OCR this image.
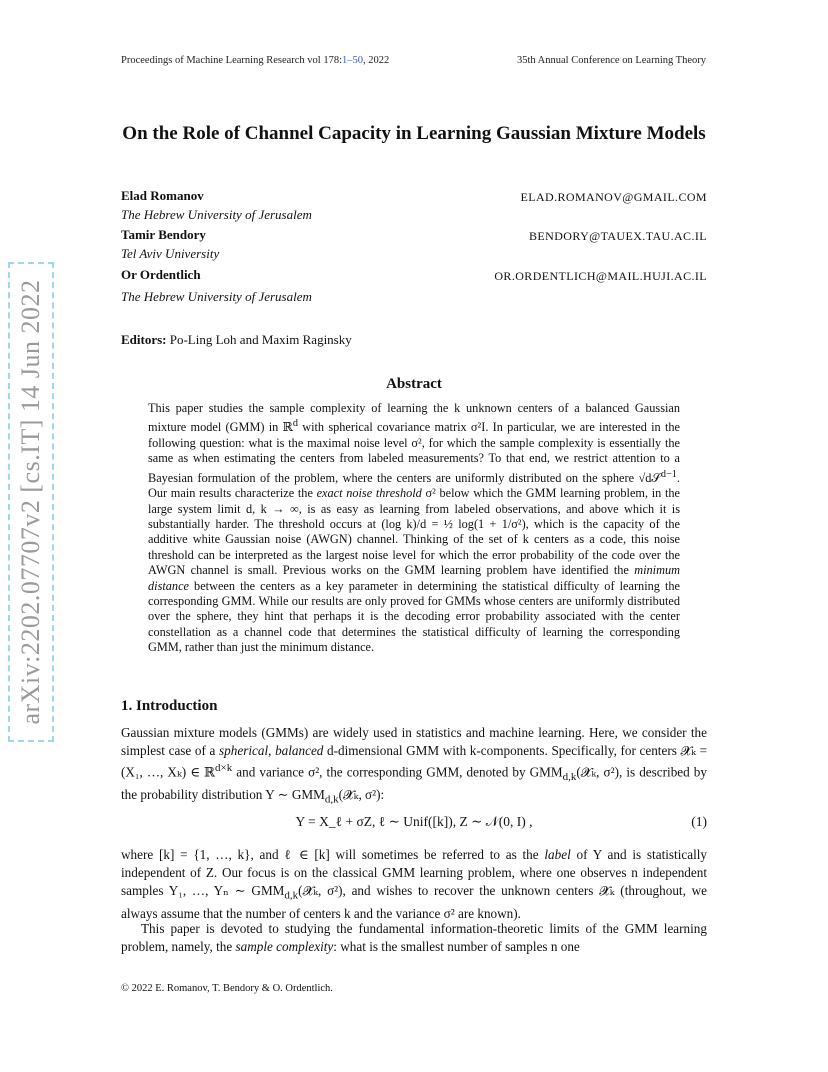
arXiv:2202.07707v2 [cs.IT] 14 Jun 2022
Proceedings of Machine Learning Research vol 178:1–50, 2022	35th Annual Conference on Learning Theory
On the Role of Channel Capacity in Learning Gaussian Mixture Models
Elad Romanov
The Hebrew University of Jerusalem
ELAD.ROMANOV@GMAIL.COM
Tamir Bendory
Tel Aviv University
BENDORY@TAUEX.TAU.AC.IL
Or Ordentlich
The Hebrew University of Jerusalem
OR.ORDENTLICH@MAIL.HUJI.AC.IL
Editors: Po-Ling Loh and Maxim Raginsky
Abstract

This paper studies the sample complexity of learning the k unknown centers of a balanced Gaussian mixture model (GMM) in ℝ$^d$ with spherical covariance matrix σ²I. In particular, we are interested in the following question: what is the maximal noise level σ², for which the sample complexity is essentially the same as when estimating the centers from labeled measurements? To that end, we restrict attention to a Bayesian formulation of the problem, where the centers are uniformly distributed on the sphere √d𝒮$^{d-1}$. Our main results characterize the exact noise threshold σ² below which the GMM learning problem, in the large system limit d, k → ∞, is as easy as learning from labeled observations, and above which it is substantially harder. The threshold occurs at (log k)/d = ½ log(1 + 1/σ²), which is the capacity of the additive white Gaussian noise (AWGN) channel. Thinking of the set of k centers as a code, this noise threshold can be interpreted as the largest noise level for which the error probability of the code over the AWGN channel is small. Previous works on the GMM learning problem have identified the minimum distance between the centers as a key parameter in determining the statistical difficulty of learning the corresponding GMM. While our results are only proved for GMMs whose centers are uniformly distributed over the sphere, they hint that perhaps it is the decoding error probability associated with the center constellation as a channel code that determines the statistical difficulty of learning the corresponding GMM, rather than just the minimum distance.

1. Introduction

Gaussian mixture models (GMMs) are widely used in statistics and machine learning. Here, we consider the simplest case of a spherical, balanced d-dimensional GMM with k-components. Specifically, for centers 𝓧ₖ = (X₁, …, Xₖ) ∈ ℝ$^{d\times k}$ and variance σ², the corresponding GMM, denoted by $GMM_{d,k}(𝓧_k$, σ²), is described by the probability distribution Y ∼ $GMM_{d,k}(𝓧_k$, σ²):

Y = X_ℓ + σZ, ℓ ∼ Unif([k]), Z ∼ 𝒩(0, I) ,	(1)

where [k] = {1, …, k}, and ℓ ∈ [k] will sometimes be referred to as the label of Y and is statistically independent of Z. Our focus is on the classical GMM learning problem, where one observes n independent samples Y₁, …, Yₙ ∼ $GMM_{d,k}(𝓧_k$, σ²), and wishes to recover the unknown centers 𝓧ₖ (throughout, we always assume that the number of centers k and the variance σ² are known).

This paper is devoted to studying the fundamental information-theoretic limits of the GMM learning problem, namely, the sample complexity: what is the smallest number of samples n one

© 2022 E. Romanov, T. Bendory & O. Ordentlich.
